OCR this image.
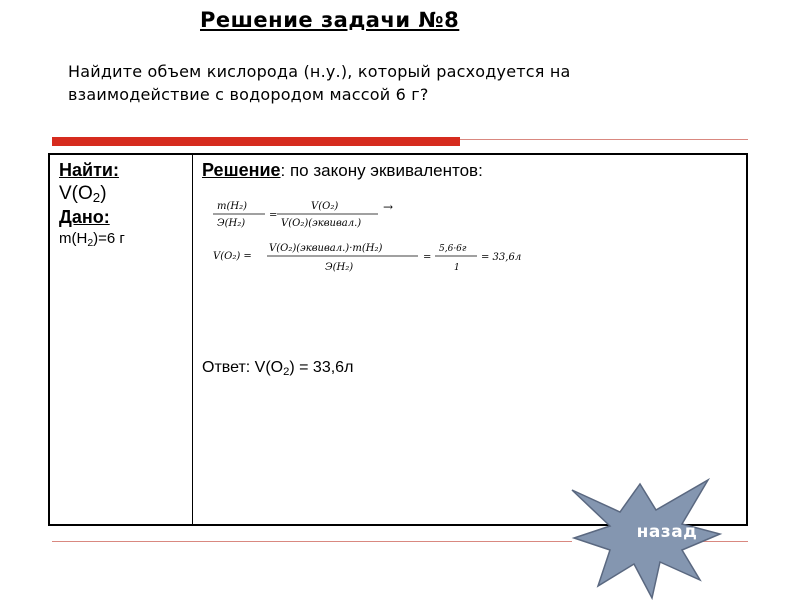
Решение задачи №8

Найдите объем кислорода (н.у.), который расходуется на
взаимодействие с водородом массой 6 г?

Найти:
$V(O_2)$
Дано:
$m(H_2)=6$ г
Решение: по закону эквивалентов:
m(H₂)
Э(H₂)
=
V(O₂)
V(O₂)(эквивал.)
→
V(O₂) =
V(O₂)(эквивал.)·m(H₂)
Э(H₂)
=
5,6·6г
1
= 33,6л
Ответ: $V(O_2) = 33,6л$
назад
